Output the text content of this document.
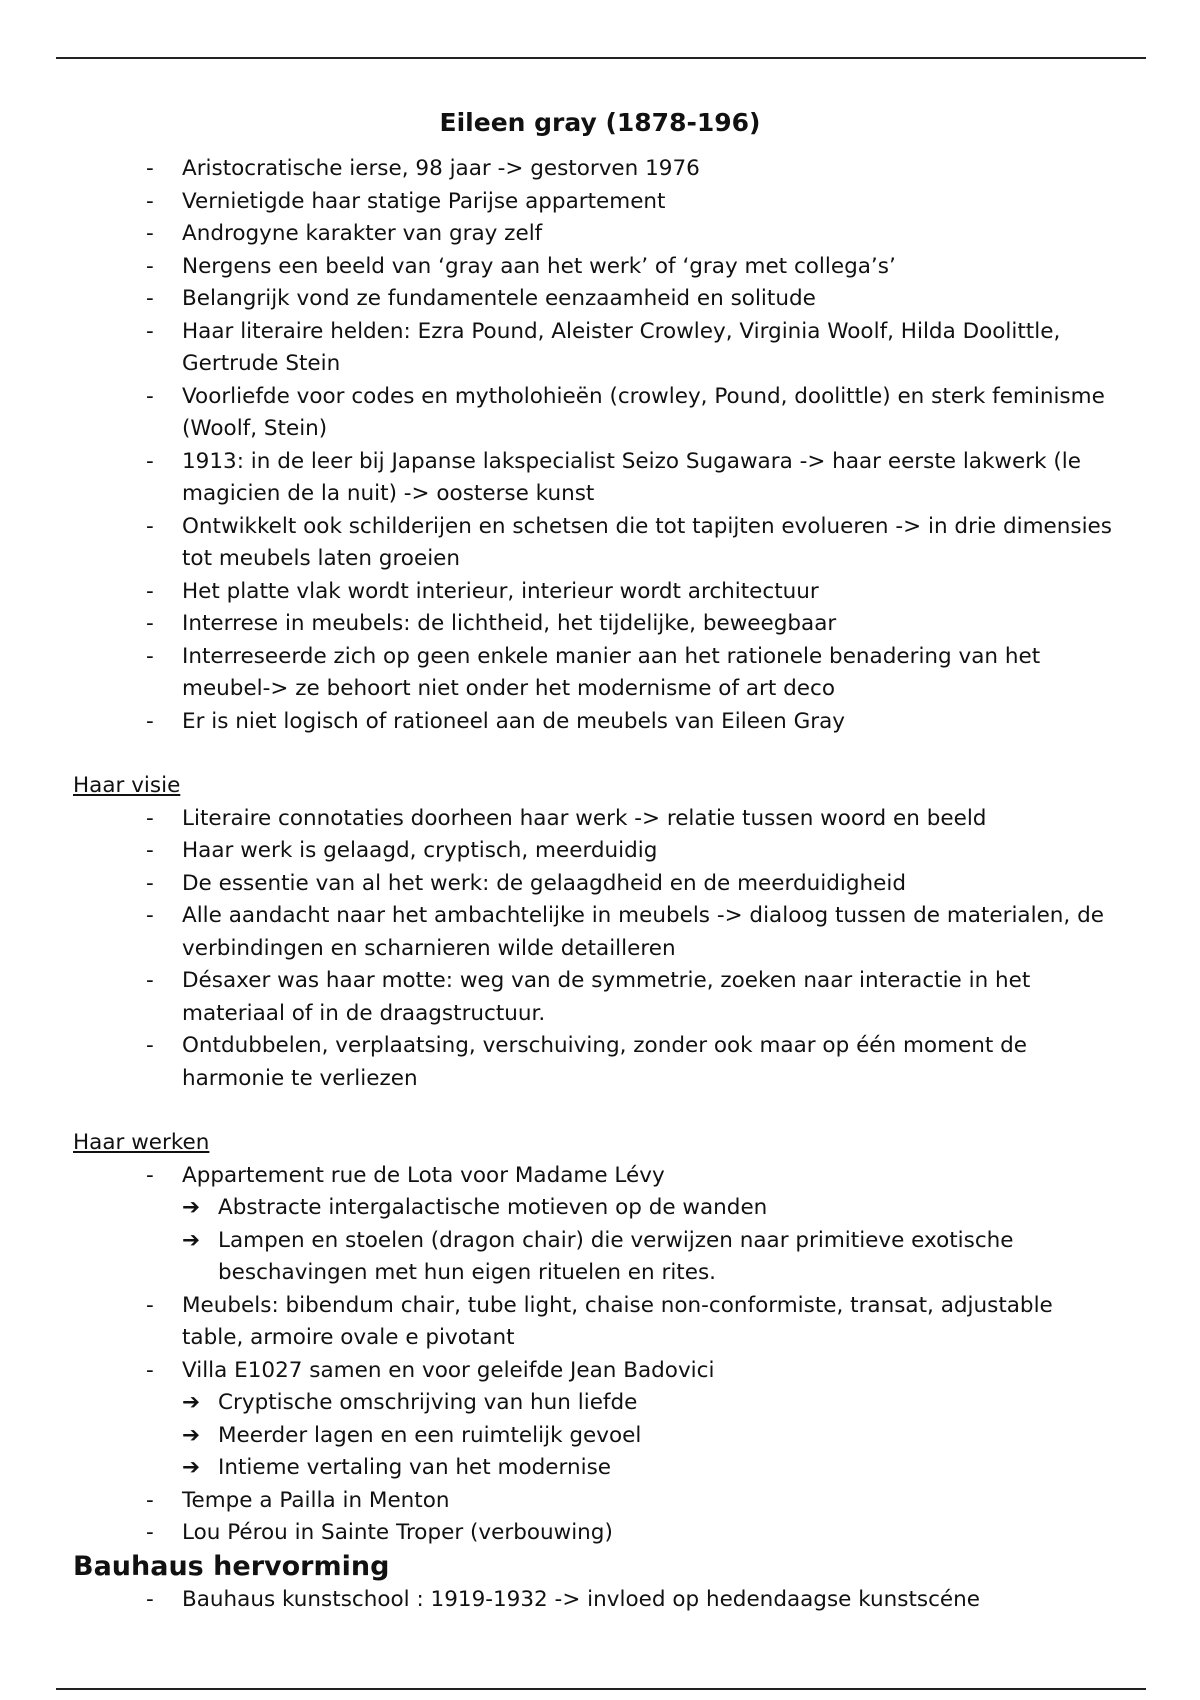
Eileen gray (1878-196)
- Aristocratische ierse, 98 jaar -> gestorven 1976
- Vernietigde haar statige Parijse appartement
- Androgyne karakter van gray zelf
- Nergens een beeld van ‘gray aan het werk’ of ‘gray met collega’s’
- Belangrijk vond ze fundamentele eenzaamheid en solitude
- Haar literaire helden: Ezra Pound, Aleister Crowley, Virginia Woolf, Hilda Doolittle, Gertrude Stein
- Voorliefde voor codes en mytholohieën (crowley, Pound, doolittle) en sterk feminisme (Woolf, Stein)
- 1913: in de leer bij Japanse lakspecialist Seizo Sugawara -> haar eerste lakwerk (le magicien de la nuit) -> oosterse kunst
- Ontwikkelt ook schilderijen en schetsen die tot tapijten evolueren -> in drie dimensies tot meubels laten groeien
- Het platte vlak wordt interieur, interieur wordt architectuur
- Interrese in meubels: de lichtheid, het tijdelijke, beweegbaar
- Interreseerde zich op geen enkele manier aan het rationele benadering van het meubel-> ze behoort niet onder het modernisme of art deco
- Er is niet logisch of rationeel aan de meubels van Eileen Gray
Haar visie
- Literaire connotaties doorheen haar werk -> relatie tussen woord en beeld
- Haar werk is gelaagd, cryptisch, meerduidig
- De essentie van al het werk: de gelaagdheid en de meerduidigheid
- Alle aandacht naar het ambachtelijke in meubels -> dialoog tussen de materialen, de verbindingen en scharnieren wilde detailleren
- Désaxer was haar motte: weg van de symmetrie, zoeken naar interactie in het materiaal of in de draagstructuur.
- Ontdubbelen, verplaatsing, verschuiving, zonder ook maar op één moment de harmonie te verliezen
Haar werken
- Appartement rue de Lota voor Madame Lévy
➔ Abstracte intergalactische motieven op de wanden
➔ Lampen en stoelen (dragon chair) die verwijzen naar primitieve exotische beschavingen met hun eigen rituelen en rites.
- Meubels: bibendum chair, tube light, chaise non-conformiste, transat, adjustable table, armoire ovale e pivotant
- Villa E1027 samen en voor geleifde Jean Badovici
➔ Cryptische omschrijving van hun liefde
➔ Meerder lagen en een ruimtelijk gevoel
➔ Intieme vertaling van het modernise
- Tempe a Pailla in Menton
- Lou Pérou in Sainte Troper (verbouwing)
Bauhaus hervorming
- Bauhaus kunstschool : 1919-1932 -> invloed op hedendaagse kunstscéne
